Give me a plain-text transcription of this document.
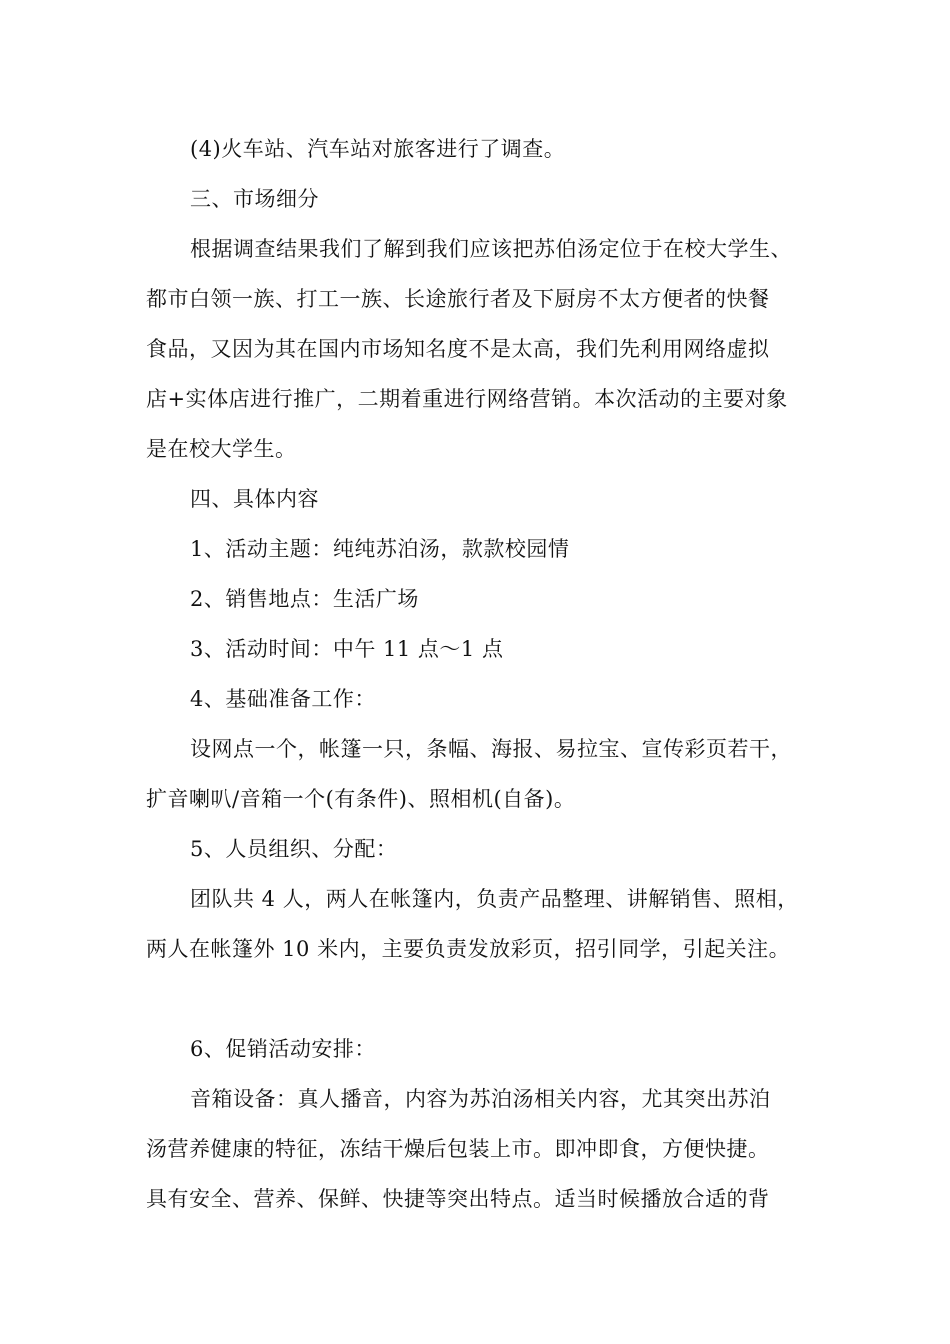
(4)火车站、汽车站对旅客进行了调查。
三、市场细分
根据调查结果我们了解到我们应该把苏伯汤定位于在校大学生、
都市白领一族、打工一族、长途旅行者及下厨房不太方便者的快餐
食品，又因为其在国内市场知名度不是太高，我们先利用网络虚拟
店+实体店进行推广，二期着重进行网络营销。本次活动的主要对象
是在校大学生。
四、具体内容
1、活动主题：纯纯苏泊汤，款款校园情
2、销售地点：生活广场
3、活动时间：中午 11 点～1 点
4、基础准备工作：
设网点一个，帐篷一只，条幅、海报、易拉宝、宣传彩页若干，
扩音喇叭/音箱一个(有条件)、照相机(自备)。
5、人员组织、分配：
团队共 4 人，两人在帐篷内，负责产品整理、讲解销售、照相，
两人在帐篷外 10 米内，主要负责发放彩页，招引同学，引起关注。
6、促销活动安排：
音箱设备：真人播音，内容为苏泊汤相关内容，尤其突出苏泊
汤营养健康的特征，冻结干燥后包装上市。即冲即食，方便快捷。
具有安全、营养、保鲜、快捷等突出特点。适当时候播放合适的背
